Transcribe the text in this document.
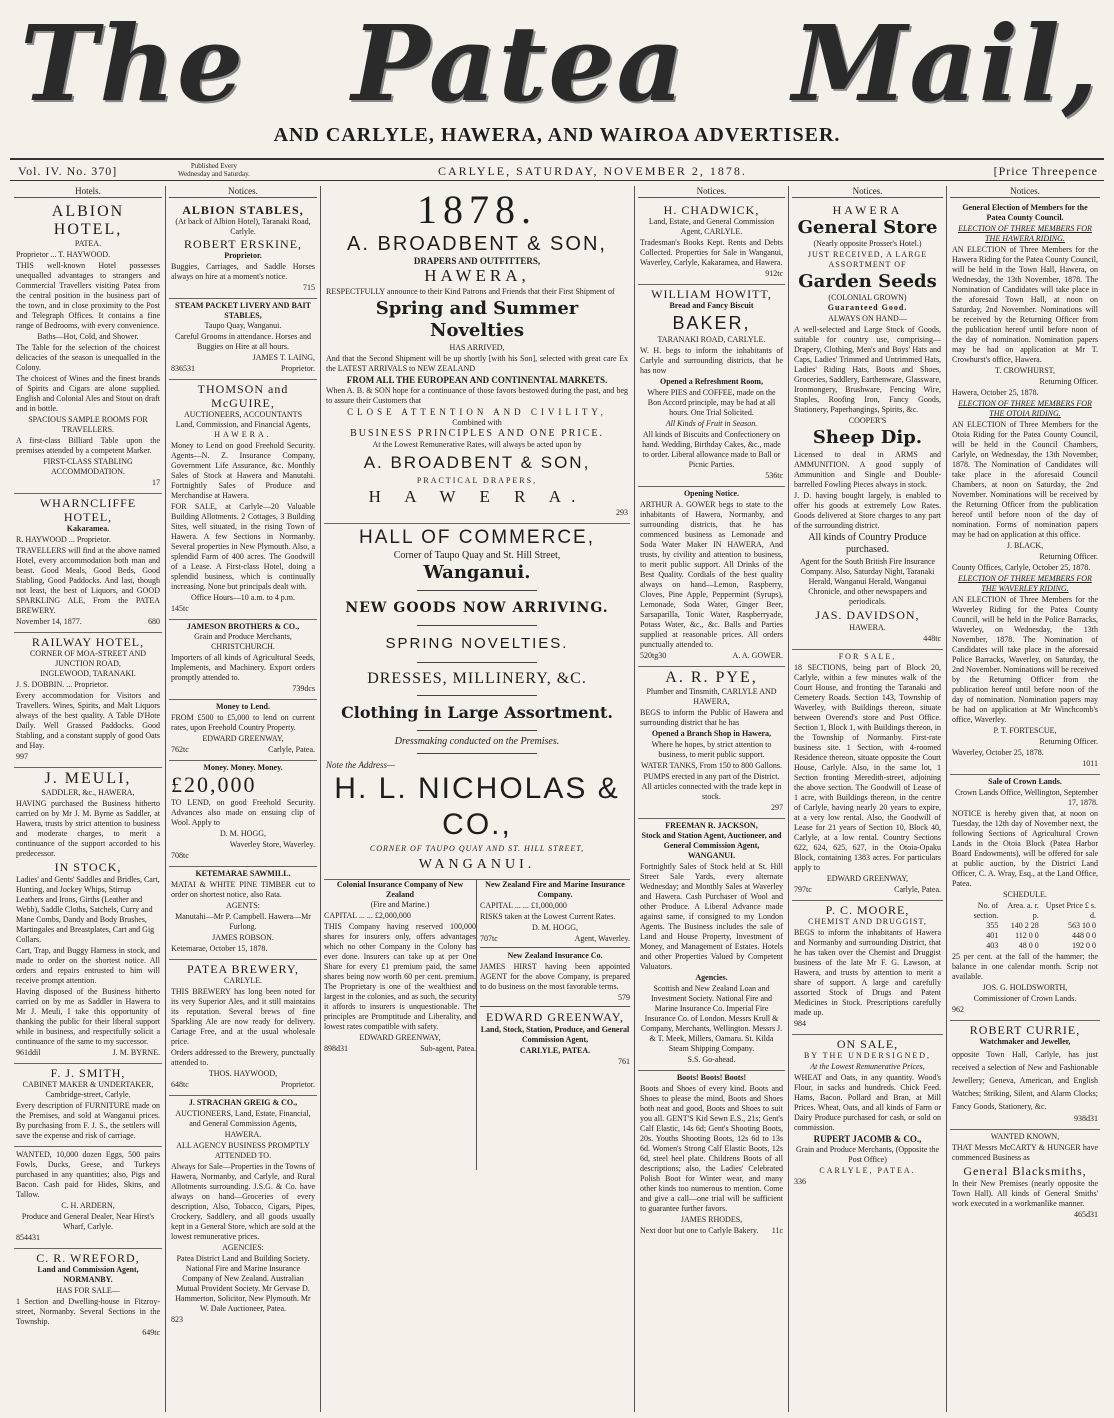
The Patea Mail,
AND CARLYLE, HAWERA, AND WAIROA ADVERTISER.
Vol. IV. No. 370]	Published Every
Wednesday and Saturday.	CARLYLE, SATURDAY, NOVEMBER 2, 1878.	[Price Threepence
Hotels.
ALBION HOTEL,
PATEA.

Proprietor ... T. HAYWOOD.

THIS well-known Hotel possesses unequalled advantages to strangers and Commercial Travellers visiting Patea from the central position in the business part of the town, and in close proximity to the Post and Telegraph Offices. It contains a fine range of Bedrooms, with every convenience.

Baths—Hot, Cold, and Shower.

The Table for the selection of the choicest delicacies of the season is unequalled in the Colony.

The choicest of Wines and the finest brands of Spirits and Cigars are alone supplied. English and Colonial Ales and Stout on draft and in bottle.

SPACIOUS SAMPLE ROOMS FOR TRAVELLERS.

A first-class Billiard Table upon the premises attended by a competent Marker.

FIRST-CLASS STABLING ACCOMMODATION.

17

WHARNCLIFFE HOTEL,
Kakaramea.

R. HAYWOOD ... Proprietor.

TRAVELLERS will find at the above named Hotel, every accommodation both man and beast. Good Meals, Good Beds, Good Stabling, Good Paddocks. And last, though not least, the best of Liquors, and GOOD SPARKLING ALE, From the PATEA BREWERY.

November 14, 1877.	680

RAILWAY HOTEL,
CORNER OF MOA-STREET AND JUNCTION ROAD,
INGLEWOOD, TARANAKI.

J. S. DOBBIN. ... Proprietor.

Every accommodation for Visitors and Travellers. Wines, Spirits, and Malt Liquors always of the best quality. A Table D'Hote Daily. Well Grassed Paddocks. Good Stabling, and a constant supply of good Oats and Hay.

997

J. MEULI,
SADDLER, &c., HAWERA,

HAVING purchased the Business hitherto carried on by Mr J. M. Byrne as Saddler, at Hawera, trusts by strict attention to business and moderate charges, to merit a continuance of the support accorded to his predecessor.

IN STOCK,

Ladies' and Gents' Saddles and Bridles, Cart, Hunting, and Jockey Whips, Stirrup Leathers and Irons, Girths (Leather and Webb), Saddle Cloths, Satchels, Curry and Mane Combs, Dandy and Body Brushes, Martingales and Breastplates, Cart and Gig Collars.

Cart, Trap, and Buggy Harness in stock, and made to order on the shortest notice. All orders and repairs entrusted to him will receive prompt attention.

Having disposed of the Business hitherto carried on by me as Saddler in Hawera to Mr J. Meuli, I take this opportunity of thanking the public for their liberal support while in business, and respectfully solicit a continuance of the same to my successor.

961ddil	J. M. BYRNE.

F. J. SMITH,
CABINET MAKER & UNDERTAKER, Cambridge-street, Carlyle.

Every description of FURNITURE made on the Premises, and sold at Wanganui prices. By purchasing from F. J. S., the settlers will save the expense and risk of carriage.

WANTED, 10,000 dozen Eggs, 500 pairs Fowls, Ducks, Geese, and Turkeys purchased in any quantities; also, Pigs and Bacon. Cash paid for Hides, Skins, and Tallow.

C. H. ARDERN,

Produce and General Dealer, Near Hirst's Wharf, Carlyle.

854431

C. R. WREFORD,
Land and Commission Agent, NORMANBY.

HAS FOR SALE—

1 Section and Dwelling-house in Fitzroy-street, Normanby. Several Sections in the Township.

649tc

Notices.
ALBION STABLES,
(At back of Albion Hotel), Taranaki Road, Carlyle.
ROBERT ERSKINE,
Proprietor.

Buggies, Carriages, and Saddle Horses always on hire at a moment's notice.

715

STEAM PACKET LIVERY AND BAIT STABLES,
Taupo Quay, Wanganui.

Careful Grooms in attendance. Horses and Buggies on Hire at all hours.

JAMES T. LAING,

836531	Proprietor.

THOMSON and McGUIRE,
AUCTIONEERS, ACCOUNTANTS
Land, Commission, and Financial Agents,
HAWERA.

Money to Lend on good Freehold Security. Agents—N. Z. Insurance Company, Government Life Assurance, &c. Monthly Sales of Stock at Hawera and Manutahi. Fortnightly Sales of Produce and Merchandise at Hawera.

FOR SALE, at Carlyle—20 Valuable Building Allotments. 2 Cottages, 3 Building Sites, well situated, in the rising Town of Hawera. A few Sections in Normanby. Several properties in New Plymouth. Also, a splendid Farm of 400 acres. The Goodwill of a Lease. A First-class Hotel, doing a splendid business, which is continually increasing. None but principals dealt with.

Office Hours—10 a.m. to 4 p.m.

145tc

JAMESON BROTHERS & CO.,
Grain and Produce Merchants, CHRISTCHURCH.

Importers of all kinds of Agricultural Seeds, Implements, and Machinery. Export orders promptly attended to.

739dcs

Money to Lend.

FROM £500 to £5,000 to lend on current rates, upon Freehold Country Property.

EDWARD GREENWAY,

762tc	Carlyle, Patea.

Money. Money. Money.
£20,000

TO LEND, on good Freehold Security. Advances also made on ensuing clip of Wool. Apply to

D. M. HOGG,

Waverley Store, Waverley.

708tc

KETEMARAE SAWMILL.

MATAI & WHITE PINE TIMBER cut to order on shortest notice, also Rata.

AGENTS:

Manutahi—Mr P. Campbell. Hawera—Mr Furlong.

JAMES ROBSON.

Ketemarae, October 15, 1878.

PATEA BREWERY,
CARLYLE.

THIS BREWERY has long been noted for its very Superior Ales, and it still maintains its reputation. Several brews of fine Sparkling Ale are now ready for delivery. Cartage Free, and at the usual wholesale price.

Orders addressed to the Brewery, punctually attended to.

THOS. HAYWOOD,

648tc	Proprietor.

J. STRACHAN GREIG & CO.,

AUCTIONEERS, Land, Estate, Financial, and General Commission Agents,

HAWERA.

ALL AGENCY BUSINESS PROMPTLY ATTENDED TO.

Always for Sale—Properties in the Towns of Hawera, Normanby, and Carlyle, and Rural Allotments surrounding. J.S.G. & Co. have always on hand—Groceries of every description, Also, Tobacco, Cigars, Pipes, Crockery, Saddlery, and all goods usually kept in a General Store, which are sold at the lowest remunerative prices.

AGENCIES:

Patea District Land and Building Society. National Fire and Marine Insurance Company of New Zealand. Australian Mutual Provident Society. Mr Gervase D. Hammerton, Solicitor, New Plymouth. Mr W. Dale Auctioneer, Patea.

823

1878.
A. BROADBENT & SON,
DRAPERS AND OUTFITTERS,
HAWERA,

RESPECTFULLY announce to their Kind Patrons and Friends that their First Shipment of

Spring and Summer Novelties

HAS ARRIVED,

And that the Second Shipment will be up shortly [with his Son], selected with great care Ex the LATEST ARRIVALS to NEW ZEALAND

FROM ALL THE EUROPEAN AND CONTINENTAL MARKETS.

When A. B. & SON hope for a continuance of those favors bestowed during the past, and beg to assure their Customers that

CLOSE ATTENTION AND CIVILITY,

Combined with

BUSINESS PRINCIPLES AND ONE PRICE.

At the Lowest Remunerative Rates, will always be acted upon by

A. BROADBENT & SON,

PRACTICAL DRAPERS,

H A W E R A.

293

HALL OF COMMERCE,

Corner of Taupo Quay and St. Hill Street,

Wanganui.
NEW GOODS NOW ARRIVING.
SPRING NOVELTIES.
DRESSES, MILLINERY, &C.
Clothing in Large Assortment.

Dressmaking conducted on the Premises.

Note the Address—

H. L. NICHOLAS & CO.,

CORNER OF TAUPO QUAY AND ST. HILL STREET,

WANGANUI.
Colonial Insurance Company of New Zealand
(Fire and Marine.)

CAPITAL ... ... £2,000,000

THIS Company having reserved 100,000 shares for insurers only, offers advantages which no other Company in the Colony has ever done. Insurers can take up at per One Share for every £1 premium paid, the same shares being now worth 60 per cent. premium. The Proprietary is one of the wealthiest and largest in the colonies, and as such, the security it affords to insurers is unquestionable. The principles are Promptitude and Liberality, and lowest rates compatible with safety.

EDWARD GREENWAY,

898d31	Sub-agent, Patea.

New Zealand Fire and Marine Insurance Company.

CAPITAL ... ... £1,000,000

RISKS taken at the Lowest Current Rates.

D. M. HOGG,

707tc	Agent, Waverley.

New Zealand Insurance Co.

JAMES HIRST having been appointed AGENT for the above Company, is prepared to do business on the most favorable terms.

579

EDWARD GREENWAY,

Land, Stock, Station, Produce, and General Commission Agent,

CARLYLE, PATEA.

761

Notices.
H. CHADWICK,
Land, Estate, and General Commission Agent, CARLYLE.

Tradesman's Books Kept. Rents and Debts Collected. Properties for Sale in Wanganui, Waverley, Carlyle, Kakaramea, and Hawera.

912tc

WILLIAM HOWITT,
Bread and Fancy Biscuit
BAKER,
TARANAKI ROAD, CARLYLE.

W. H. begs to inform the inhabitants of Carlyle and surrounding districts, that he has now

Opened a Refreshment Room,

Where PIES and COFFEE, made on the Bon Accord principle, may be had at all hours. One Trial Solicited.

All Kinds of Fruit in Season.

All kinds of Biscuits and Confectionery on hand. Wedding, Birthday Cakes, &c., made to order. Liberal allowance made to Ball or Picnic Parties.

536tc

Opening Notice.

ARTHUR A. GOWER begs to state to the inhabitants of Hawera, Normanby, and surrounding districts, that he has commenced business as Lemonade and Soda Water Maker IN HAWERA, And trusts, by civility and attention to business, to merit public support. All Drinks of the Best Quality. Cordials of the best quality always on hand—Lemon, Raspberry, Cloves, Pine Apple, Peppermint (Syrups), Lemonade, Soda Water, Ginger Beer, Sarsaparilla, Tonic Water, Raspberryade, Potass Water, &c., &c. Balls and Parties supplied at reasonable prices. All orders punctually attended to.

520tg30	A. A. GOWER.

A. R. PYE,
Plumber and Tinsmith, CARLYLE AND HAWERA,

BEGS to inform the Public of Hawera and surrounding district that he has

Opened a Branch Shop in Hawera,

Where he hopes, by strict attention to business, to merit public support.

WATER TANKS, From 150 to 800 Gallons.

PUMPS erected in any part of the District. All articles connected with the trade kept in stock.

297

FREEMAN R. JACKSON,
Stock and Station Agent, Auctioneer, and General Commission Agent, WANGANUI.

Fortnightly Sales of Stock held at St. Hill Street Sale Yards, every alternate Wednesday; and Monthly Sales at Waverley and Hawera. Cash Purchaser of Wool and other Produce. A Liberal Advance made against same, if consigned to my London Agents. The Business includes the sale of Land and House Property, Investment of Money, and Management of Estates. Hotels and other Properties Valued by Competent Valuators.

Agencies.

Scottish and New Zealand Loan and Investment Society. National Fire and Marine Insurance Co. Imperial Fire Insurance Co. of London. Messrs Krull & Company, Merchants, Wellington. Messrs J. & T. Meek, Millers, Oamaru. St. Kilda Steam Shipping Company.

S.S. Go-ahead.

Boots! Boots! Boots!

Boots and Shoes of every kind. Boots and Shoes to please the mind, Boots and Shoes both neat and good, Boots and Shoes to suit you all. GENT'S Kid Sewn E.S., 21s; Gent's Calf Elastic, 14s 6d; Gent's Shooting Boots, 20s. Youths Shooting Boots, 12s 6d to 13s 6d. Women's Strong Calf Elastic Boots, 12s 6d, steel heel plate. Childrens Boots of all descriptions; also, the Ladies' Celebrated Polish Boot for Winter wear, and many other kinds too numerous to mention. Come and give a call—one trial will be sufficient to guarantee further favors.

JAMES RHODES,

Next door but one to Carlyle Bakery. 11c

Notices.
HAWERA
General Store
(Nearly opposite Prosser's Hotel.)

JUST RECEIVED, A LARGE ASSORTMENT OF

Garden Seeds
(COLONIAL GROWN)
Guaranteed Good.

ALWAYS ON HAND—

A well-selected and Large Stock of Goods, suitable for country use, comprising— Drapery, Clothing, Men's and Boys' Hats and Caps, Ladies' Trimmed and Untrimmed Hats, Ladies' Riding Hats, Boots and Shoes, Groceries, Saddlery, Earthenware, Glassware, Ironmongery, Brushware, Fencing Wire, Staples, Roofing Iron, Fancy Goods, Stationery, Paperhangings, Spirits, &c.

COOPER'S

Sheep Dip.

Licensed to deal in ARMS and AMMUNITION. A good supply of Ammunition and Single and Double-barrelled Fowling Pieces always in stock.

J. D. having bought largely, is enabled to offer his goods at extremely Low Rates. Goods delivered at Store charges to any part of the surrounding district.

All kinds of Country Produce purchased.

Agent for the South British Fire Insurance Company. Also, Saturday Night, Taranaki Herald, Wanganui Herald, Wanganui Chronicle, and other newspapers and periodicals.

JAS. DAVIDSON,

HAWERA.

448tc

FOR SALE,

18 SECTIONS, being part of Block 20, Carlyle, within a few minutes walk of the Court House, and fronting the Taranaki and Cemetery Roads. Section 143, Township of Waverley, with Buildings thereon, situate between Overend's store and Post Office. Section 1, Block 1, with Buildings thereon, in the Township of Normanby. First-rate business site. 1 Section, with 4-roomed Residence thereon, situate opposite the Court House, Carlyle. Also, in the same lot, 1 Section fronting Meredith-street, adjoining the above section. The Goodwill of Lease of 1 acre, with Buildings thereon, in the centre of Carlyle, having nearly 20 years to expire, at a very low rental. Also, the Goodwill of Lease for 21 years of Section 10, Block 40, Carlyle, at a low rental. Country Sections 622, 624, 625, 627, in the Otoia-Opaku Block, containing 1383 acres. For particulars apply to

EDWARD GREENWAY,

797tc	Carlyle, Patea.

P. C. MOORE,
CHEMIST AND DRUGGIST,

BEGS to inform the inhabitants of Hawera and Normanby and surrounding District, that he has taken over the Chemist and Druggist business of the late Mr F. G. Lawson, at Hawera, and trusts by attention to merit a share of support. A large and carefully assorted Stock of Drugs and Patent Medicines in Stock. Prescriptions carefully made up.

984

ON SALE,
BY THE UNDERSIGNED,

At the Lowest Remunerative Prices,

WHEAT and Oats, in any quantity. Wood's Flour, in sacks and hundreds. Chick Feed. Hams, Bacon. Pollard and Bran, at Mill Prices. Wheat, Oats, and all kinds of Farm or Dairy Produce purchased for cash, or sold on commission.

RUPERT JACOMB & CO.,

Grain and Produce Merchants, (Opposite the Post Office)

CARLYLE, PATEA.

336

Notices.
General Election of Members for the Patea County Council.

ELECTION OF THREE MEMBERS FOR THE HAWERA RIDING.

AN ELECTION of Three Members for the Hawera Riding for the Patea County Council, will be held in the Town Hall, Hawera, on Wednesday, the 13th November, 1878. The Nomination of Candidates will take place in the aforesaid Town Hall, at noon on Saturday, 2nd November. Nominations will be received by the Returning Officer from the publication hereof until before noon of the day of nomination. Nomination papers may be had on application at Mr T. Crowhurst's office, Hawera.

T. CROWHURST,

Returning Officer.

Hawera, October 25, 1878.

ELECTION OF THREE MEMBERS FOR THE OTOIA RIDING.

AN ELECTION of Three Members for the Otoia Riding for the Patea County Council, will be held in the Council Chambers, Carlyle, on Wednesday, the 13th November, 1878. The Nomination of Candidates will take place in the aforesaid Council Chambers, at noon on Saturday, the 2nd November. Nominations will be received by the Returning Officer from the publication hereof until before noon of the day of nomination. Forms of nomination papers may be had on application at this office.

J. BLACK,

Returning Officer.

County Offices, Carlyle, October 25, 1878.

ELECTION OF THREE MEMBERS FOR THE WAVERLEY RIDING.

AN ELECTION of Three Members for the Waverley Riding for the Patea County Council, will be held in the Police Barracks, Waverley, on Wednesday, the 13th November, 1878. The Nomination of Candidates will take place in the aforesaid Police Barracks, Waverley, on Saturday, the 2nd November. Nominations will be received by the Returning Officer from the publication hereof until before noon of the day of nomination. Nomination papers may be had on application at Mr Winchcomb's office, Waverley.

P. T. FORTESCUE,

Returning Officer.

Waverley, October 25, 1878.

1011

Sale of Crown Lands.

Crown Lands Office, Wellington, September 17, 1878.

NOTICE is hereby given that, at noon on Tuesday, the 12th day of November next, the following Sections of Agricultural Crown Lands in the Otoia Block (Patea Harbor Board Endowments), will be offered for sale at public auction, by the District Land Officer, C. A. Wray, Esq., at the Land Office, Patea.

SCHEDULE.

No. of section.	Area. a. r. p.	Upset Price £ s. d.
355	140 2 28	563 10 0
401	112 0 0	448 0 0
403	48 0 0	192 0 0

25 per cent. at the fall of the hammer; the balance in one calendar month. Scrip not available.

JOS. G. HOLDSWORTH,

Commissioner of Crown Lands.

962

ROBERT CURRIE,
Watchmaker and Jeweller,

opposite Town Hall, Carlyle, has just received a selection of New and Fashionable Jewellery; Geneva, American, and English Watches; Striking, Silent, and Alarm Clocks; Fancy Goods, Stationery, &c.

938d31

WANTED KNOWN,

THAT Messrs McCARTY & HUNGER have commenced Business as

General Blacksmiths,

In their New Premises (nearly opposite the Town Hall). All kinds of General Smiths' work executed in a workmanlike manner.

465d31
